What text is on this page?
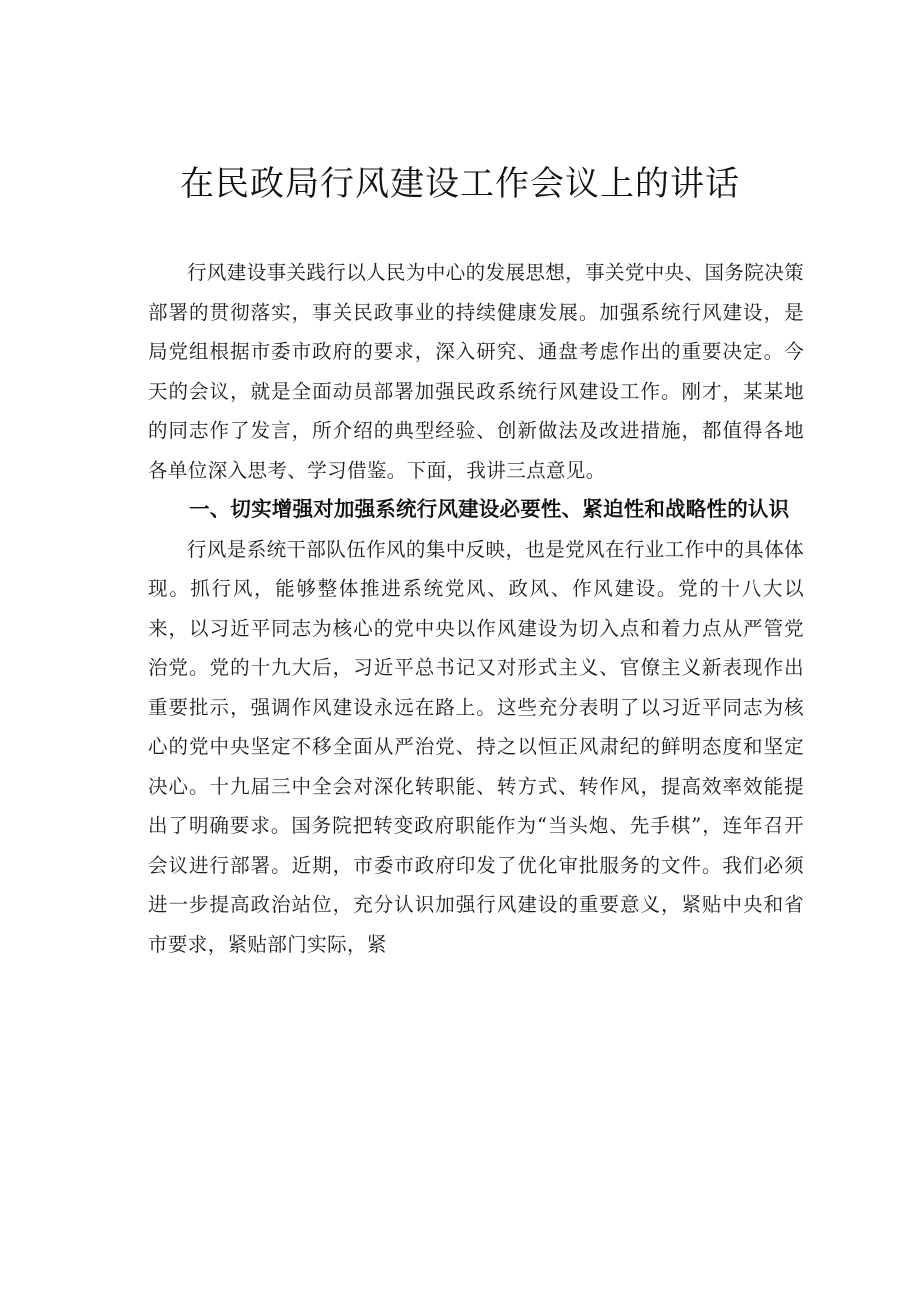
在民政局行风建设工作会议上的讲话

行风建设事关践行以人民为中心的发展思想，事关党中央、国务院决策部署的贯彻落实，事关民政事业的持续健康发展。加强系统行风建设，是局党组根据市委市政府的要求，深入研究、通盘考虑作出的重要决定。今天的会议，就是全面动员部署加强民政系统行风建设工作。刚才，某某地的同志作了发言，所介绍的典型经验、创新做法及改进措施，都值得各地各单位深入思考、学习借鉴。下面，我讲三点意见。

一、切实增强对加强系统行风建设必要性、紧迫性和战略性的认识

行风是系统干部队伍作风的集中反映，也是党风在行业工作中的具体体现。抓行风，能够整体推进系统党风、政风、作风建设。党的十八大以来，以习近平同志为核心的党中央以作风建设为切入点和着力点从严管党治党。党的十九大后，习近平总书记又对形式主义、官僚主义新表现作出重要批示，强调作风建设永远在路上。这些充分表明了以习近平同志为核心的党中央坚定不移全面从严治党、持之以恒正风肃纪的鲜明态度和坚定决心。十九届三中全会对深化转职能、转方式、转作风，提高效率效能提出了明确要求。国务院把转变政府职能作为“当头炮、先手棋”，连年召开会议进行部署。近期，市委市政府印发了优化审批服务的文件。我们必须进一步提高政治站位，充分认识加强行风建设的重要意义，紧贴中央和省市要求，紧贴部门实际，紧
